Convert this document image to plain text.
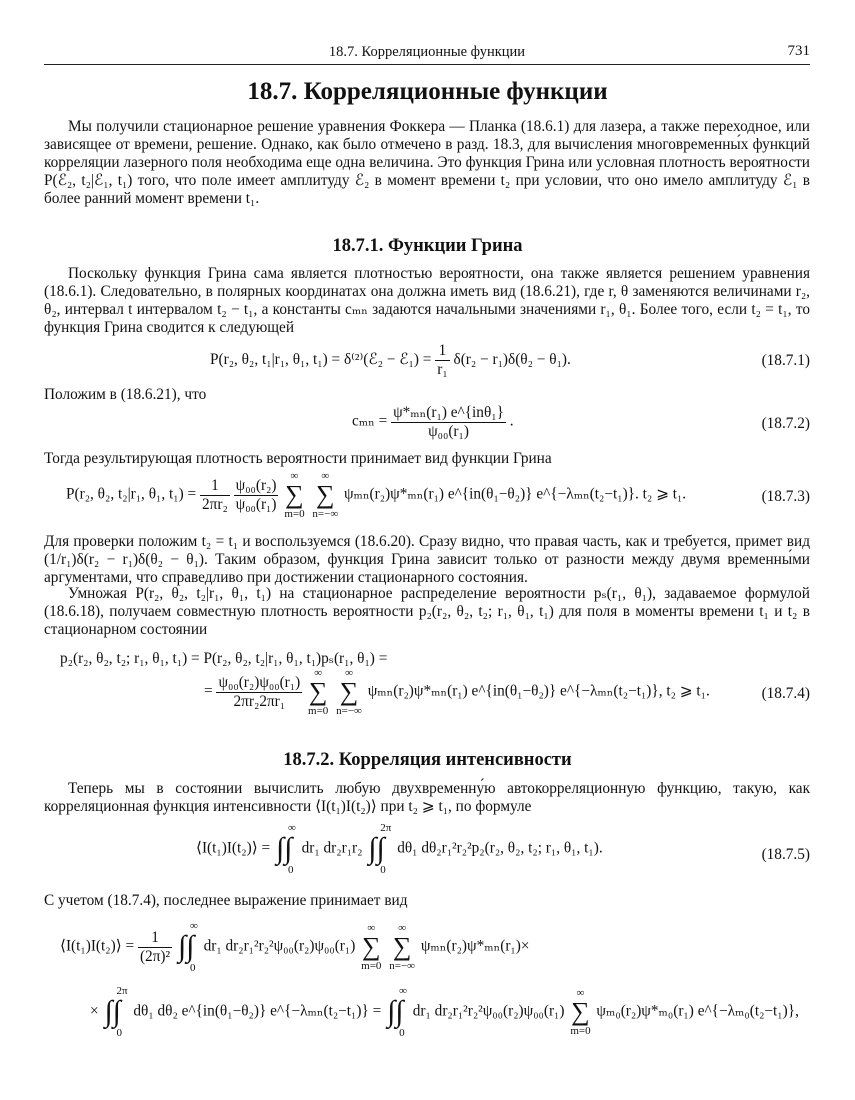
18.7. Корреляционные функции	731
18.7. Корреляционные функции

Мы получили стационарное решение уравнения Фоккера — Планка (18.6.1) для лазера, а также переходное, или зависящее от времени, решение. Однако, как было отмечено в разд. 18.3, для вычисления многовременны́х функций корреляции лазерного поля необходима еще одна величина. Это функция Грина или условная плотность вероятности P(ℰ₂, t₂|ℰ₁, t₁) того, что поле имеет амплитуду ℰ₂ в момент времени t₂ при условии, что оно имело амплитуду ℰ₁ в более ранний момент времени t₁.

18.7.1. Функции Грина

Поскольку функция Грина сама является плотностью вероятности, она также является решением уравнения (18.6.1). Следовательно, в полярных координатах она должна иметь вид (18.6.21), где r, θ заменяются величинами r₂, θ₂, интервал t интервалом t₂ − t₁, а константы cₘₙ задаются начальными значениями r₁, θ₁. Более того, если t₂ = t₁, то функция Грина сводится к следующей

P(r₂, θ₂, t₁|r₁, θ₁, t₁) = δ⁽²⁾(ℰ₂ − ℰ₁) = $\frac{1}{\text{r₁}} \delta(r_2 - r_1)\delta(\theta_2 - \theta_1)$.	(18.7.1)

Положим в (18.6.21), что

$c_{mn} = \frac{\text{ψ*ₘₙ(r₁) e\textasciicircum{}\{inθ₁\}}}{\text{ψ₀₀(r₁)}}$ .	(18.7.2)

Тогда результирующая плотность вероятности принимает вид функции Грина

P(r₂, θ₂, t₂|r₁, θ₁, $t_1) = \frac{1}{\text{2πr₂}}$
$\frac{\text{ψ₀₀(r₂)}}{\text{ψ₀₀(r₁)}}$

∞
∑
m=0

∞
∑
n=−∞
ψₘₙ(r₂)ψ*ₘₙ(r₁) e^{in(θ₁−θ₂)} e^{−λₘₙ(t₂−t₁)}. t₂ ⩾ t₁.	(18.7.3)

Для проверки положим t₂ = t₁ и воспользуемся (18.6.20). Сразу видно, что правая часть, как и требуется, примет вид (1/r₁)δ(r₂ − r₁)δ(θ₂ − θ₁). Таким образом, функция Грина зависит только от разности между двумя временны́ми аргументами, что справедливо при достижении стационарного состояния.

Умножая P(r₂, θ₂, t₂|r₁, θ₁, t₁) на стационарное распределение вероятности pₛ(r₁, θ₁), задаваемое формулой (18.6.18), получаем совместную плотность вероятности p₂(r₂, θ₂, t₂; r₁, θ₁, t₁) для поля в моменты времени t₁ и t₂ в стационарном состоянии

p₂(r₂, θ₂, t₂; r₁, θ₁, t₁) = P(r₂, θ₂, t₂|r₁, θ₁, t₁)pₛ(r₁, θ₁) =
= $\frac{\text{ψ₀₀(r₂)ψ₀₀(r₁)}}{\text{2πr₂2πr₁}}$

∞
∑
m=0

∞
∑
n=−∞
ψₘₙ(r₂)ψ*ₘₙ(r₁) e^{in(θ₁−θ₂)} e^{−λₘₙ(t₂−t₁)}, t₂ ⩾ t₁.	(18.7.4)
18.7.2. Корреляция интенсивности

Теперь мы в состоянии вычислить любую двухвременну́ю автокорреляционную функцию, такую, как корреляционная функция интенсивности ⟨I(t₁)I(t₂)⟩ при t₂ ⩾ t₁, по формуле

⟨I(t₁)I(t₂)⟩ =
∞
∫∫
0
dr₁ dr₂r₁r₂
2π
∫∫
0
dθ₁ dθ₂r₁²r₂²p₂(r₂, θ₂, t₂; r₁, θ₁, t₁).	(18.7.5)

С учетом (18.7.4), последнее выражение принимает вид

⟨I(t₁)I(t₂)⟩ = $\frac{1}{\text{(2π)²}}$

∞
∫∫
0
dr₁ dr₂r₁²r₂²ψ₀₀(r₂)ψ₀₀(r₁)
∞
∑
m=0

∞
∑
n=−∞
ψₘₙ(r₂)ψ*ₘₙ(r₁)×
×
2π
∫∫
0
dθ₁ dθ₂ e^{in(θ₁−θ₂)} e^{−λₘₙ(t₂−t₁)} =
∞
∫∫
0
dr₁ dr₂r₁²r₂²ψ₀₀(r₂)ψ₀₀(r₁)
∞
∑
m=0
ψₘ₀(r₂)ψ*ₘ₀(r₁) e^{−λₘ₀(t₂−t₁)},
